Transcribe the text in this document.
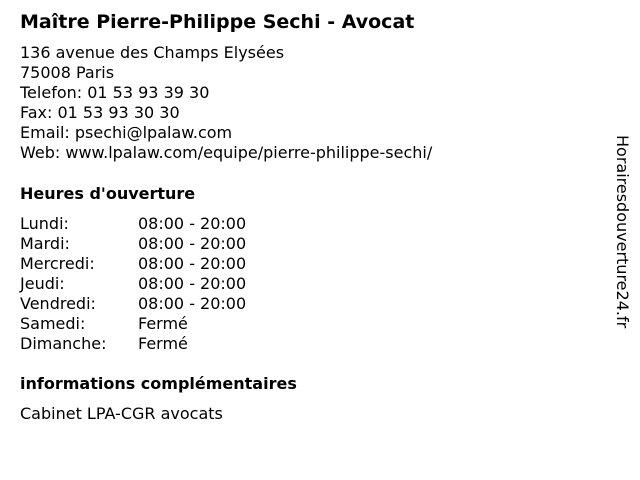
Maître Pierre-Philippe Sechi - Avocat
136 avenue des Champs Elysées
75008 Paris
Telefon: 01 53 93 39 30
Fax: 01 53 93 30 30
Email: psechi@lpalaw.com
Web: www.lpalaw.com/equipe/pierre-philippe-sechi/
Heures d'ouverture
Lundi:	08:00 - 20:00
Mardi:	08:00 - 20:00
Mercredi:	08:00 - 20:00
Jeudi:	08:00 - 20:00
Vendredi:	08:00 - 20:00
Samedi:	Fermé
Dimanche:	Fermé
informations complémentaires
Cabinet LPA-CGR avocats
Horairesdouverture24.fr
